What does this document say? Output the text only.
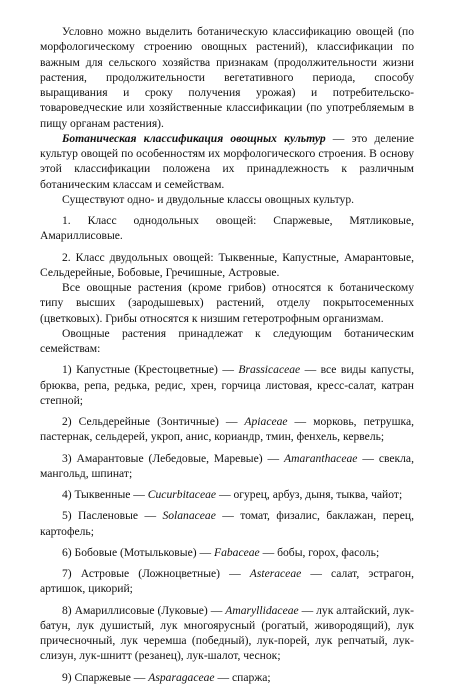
Условно можно выделить ботаническую классификацию овощей (по морфологическому строению овощных растений), классификации по важным для сельского хозяйства признакам (продолжительности жизни растения, продолжительности вегетативного периода, способу выращивания и сроку получения урожая) и потребительско-товароведческие или хозяйственные классификации (по употребляемым в пищу органам растения).

Ботаническая классификация овощных культур — это деление культур овощей по особенностям их морфологического строения. В основу этой классификации положена их принадлежность к различным ботаническим классам и семействам.

Существуют одно- и двудольные классы овощных культур.

1. Класс однодольных овощей: Спаржевые, Мятликовые, Амариллисовые.

2. Класс двудольных овощей: Тыквенные, Капустные, Амарантовые, Сельдерейные, Бобовые, Гречишные, Астровые.

Все овощные растения (кроме грибов) относятся к ботаническому типу высших (зародышевых) растений, отделу покрытосеменных (цветковых). Грибы относятся к низшим гетеротрофным организмам.

Овощные растения принадлежат к следующим ботаническим семействам:

1) Капустные (Крестоцветные) — Brassicaceae — все виды капусты, брюква, репа, редька, редис, хрен, горчица листовая, кресс-салат, катран степной;

2) Сельдерейные (Зонтичные) — Apiaceae — морковь, петрушка, пастернак, сельдерей, укроп, анис, кориандр, тмин, фенхель, кервель;

3) Амарантовые (Лебедовые, Маревые) — Amaranthaceae — свекла, мангольд, шпинат;

4) Тыквенные — Cucurbitaceae — огурец, арбуз, дыня, тыква, чайот;

5) Пасленовые — Solanaceae — томат, физалис, баклажан, перец, картофель;

6) Бобовые (Мотыльковые) — Fabaceae — бобы, горох, фасоль;

7) Астровые (Ложноцветные) — Asteraceae — салат, эстрагон, артишок, цикорий;

8) Амариллисовые (Луковые) — Amaryllidaceae — лук алтайский, лук-батун, лук душистый, лук многоярусный (рогатый, живородящий), лук причесночный, лук черемша (победный), лук-порей, лук репчатый, лук-слизун, лук-шнитт (резанец), лук-шалот, чеснок;

9) Спаржевые — Asparagaceae — спаржа;
